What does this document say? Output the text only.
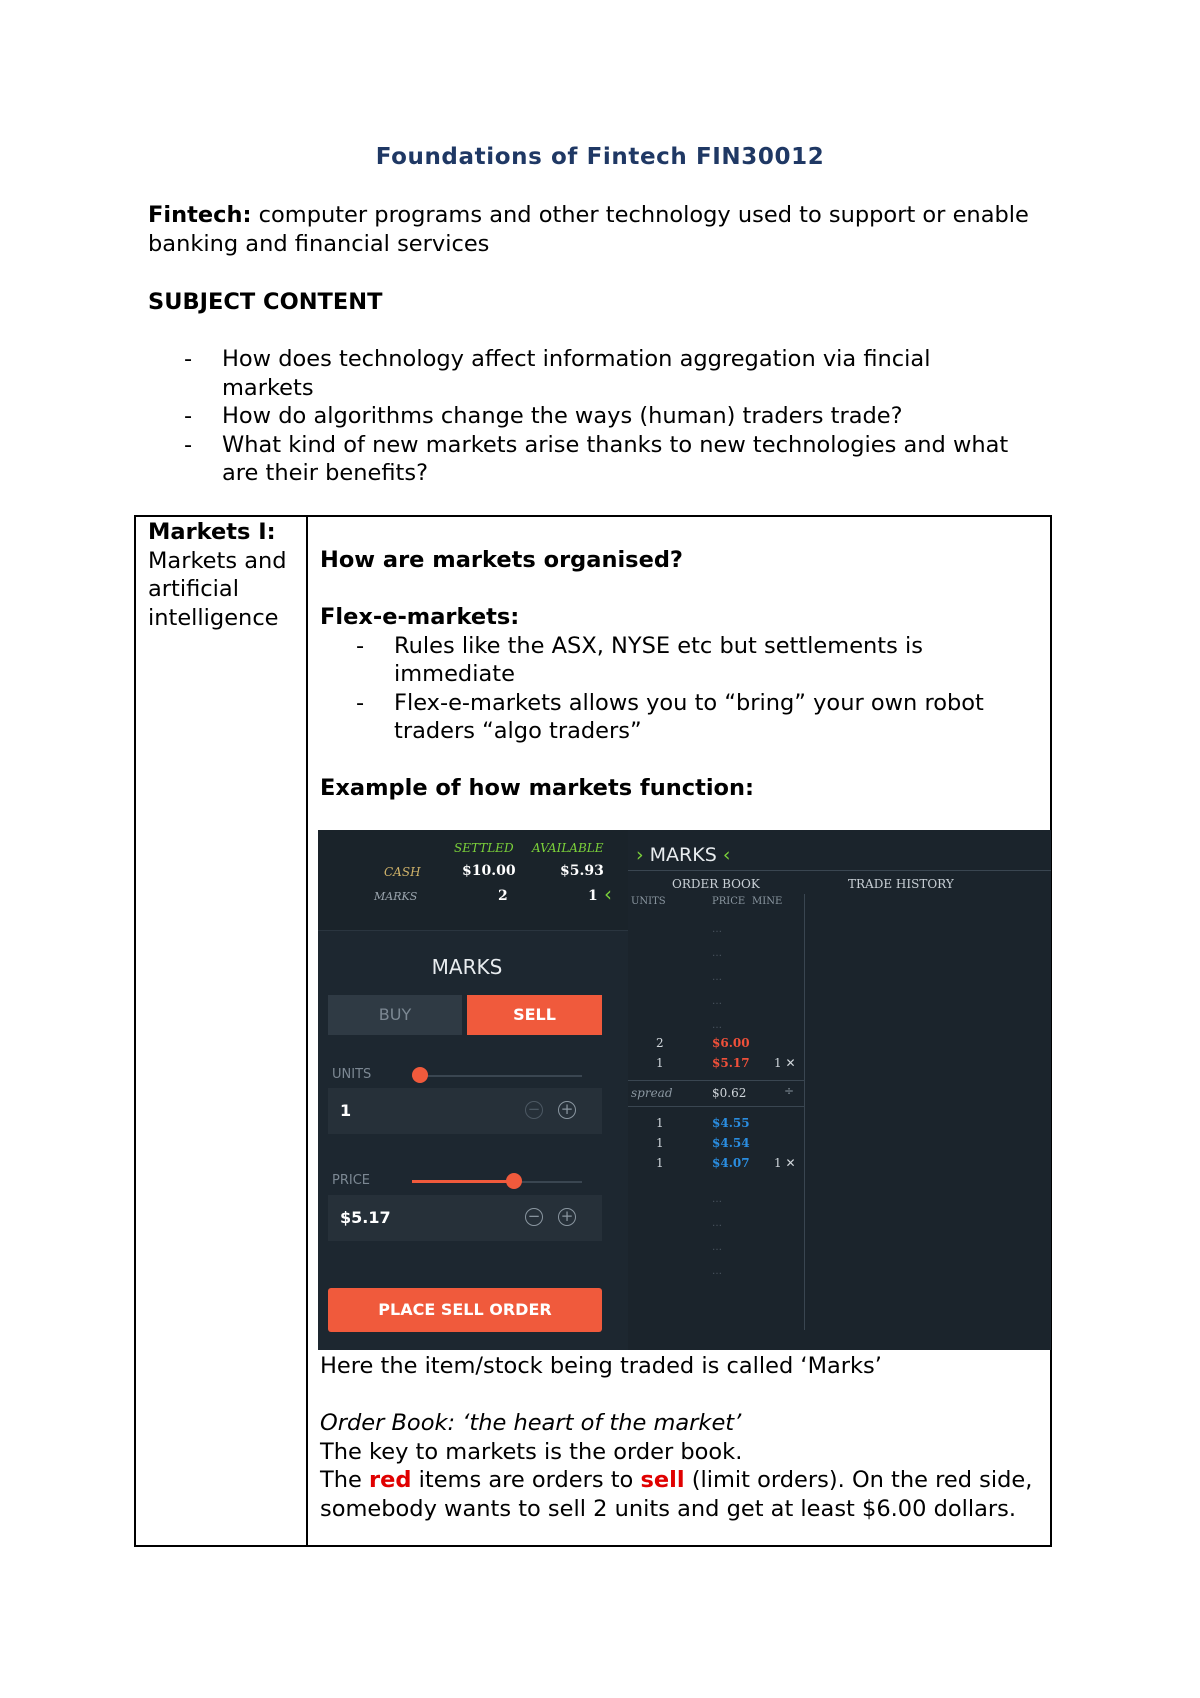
Foundations of Fintech FIN30012

Fintech: computer programs and other technology used to support or enable banking and financial services

SUBJECT CONTENT

- How does technology affect information aggregation via fincial markets
- How do algorithms change the ways (human) traders trade?
- What kind of new markets arise thanks to new technologies and what are their benefits?
Markets I:
Markets and artificial intelligence
How are markets organised?
Flex-e-markets:
- Rules like the ASX, NYSE etc but settlements is immediate
- Flex-e-markets allows you to “bring” your own robot traders “algo traders”
Example of how markets function:
SETTLED AVAILABLE
CASH	$10.00	$5.93
MARKS	2	1 ‹
MARKS
BUY	SELL
UNITS
1	− +
PRICE
$5.17	− +
PLACE SELL ORDER
› MARKS ‹
ORDER BOOK	TRADE HISTORY
UNITS	PRICE MINE
…
…
…
…
…
2	$6.00
1	$5.17 1 ✕
spread	$0.62	÷
1	$4.55
1	$4.54
1	$4.07 1 ✕
…
…
…
…
Here the item/stock being traded is called ‘Marks’
Order Book: ‘the heart of the market’
The key to markets is the order book.
The red items are orders to sell (limit orders). On the red side, somebody wants to sell 2 units and get at least $6.00 dollars.
